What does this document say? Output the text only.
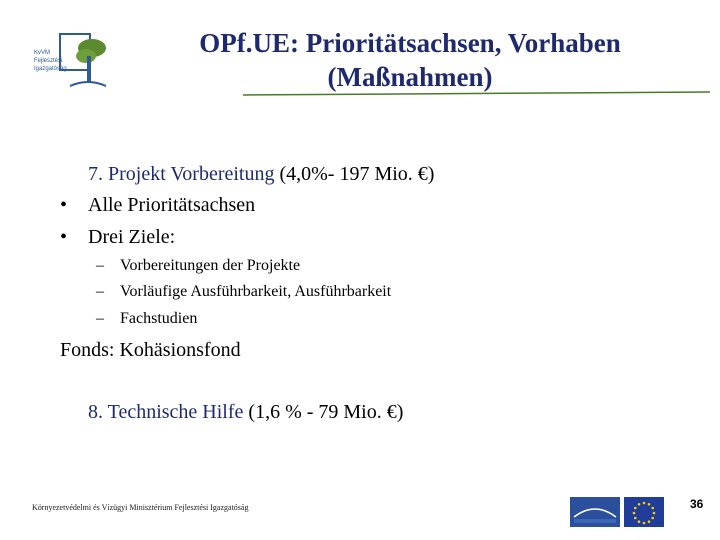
KvVM
Fejlesztési
Igazgatóság
OPf.UE: Prioritätsachsen, Vorhaben
(Maßnahmen)
7. Projekt Vorbereitung (4,0%- 197 Mio. €)
• Alle Prioritätsachsen
• Drei Ziele:
– Vorbereitungen der Projekte
– Vorläufige Ausführbarkeit, Ausführbarkeit
– Fachstudien
Fonds: Kohäsionsfond
8. Technische Hilfe (1,6 % - 79 Mio. €)
Környezetvédelmi és Vízügyi Minisztérium Fejlesztési Igazgatóság	36
